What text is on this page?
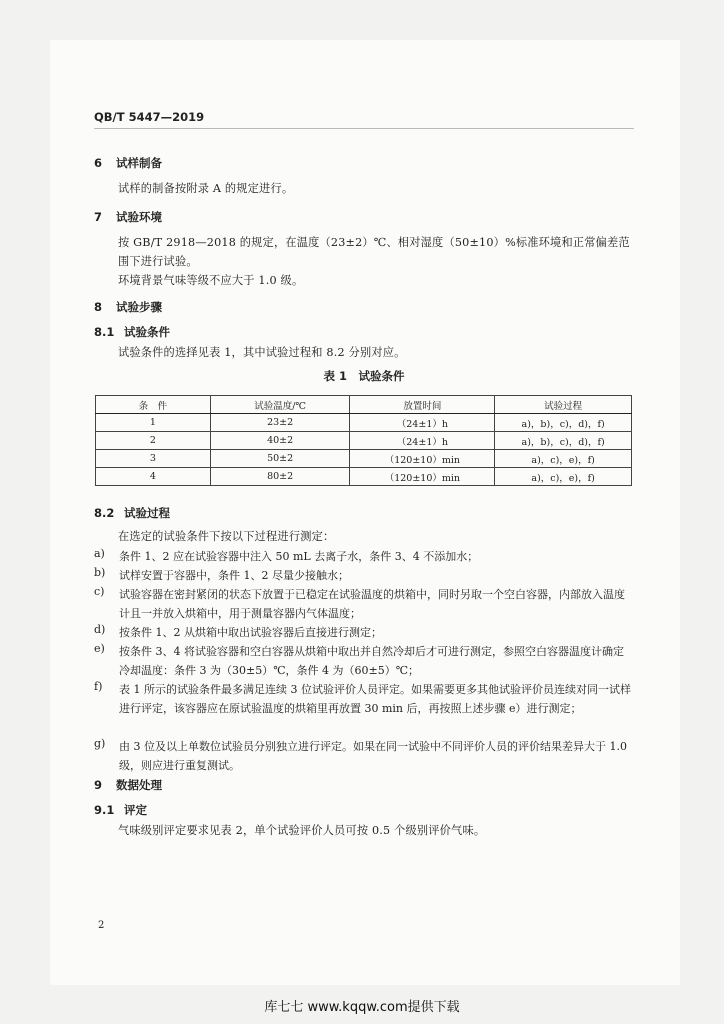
QB/T 5447—2019
6 试样制备
试样的制备按附录 A 的规定进行。
7 试验环境
按 GB/T 2918—2018 的规定，在温度（23±2）℃、相对湿度（50±10）%标准环境和正常偏差范
围下进行试验。
环境背景气味等级不应大于 1.0 级。
8 试验步骤
8.1 试验条件
试验条件的选择见表 1，其中试验过程和 8.2 分别对应。
表 1　试验条件
条　件	试验温度/℃	放置时间	试验过程
1	23±2	（24±1）h	a)，b)，c)，d)，f)
2	40±2	（24±1）h	a)，b)，c)，d)，f)
3	50±2	（120±10）min	a)，c)，e)，f)
4	80±2	（120±10）min	a)，c)，e)，f)
8.2 试验过程
在选定的试验条件下按以下过程进行测定：
a) 条件 1、2 应在试验容器中注入 50 mL 去离子水，条件 3、4 不添加水；
b) 试样安置于容器中，条件 1、2 尽量少接触水；
c) 试验容器在密封紧闭的状态下放置于已稳定在试验温度的烘箱中，同时另取一个空白容器，内部放入温度计且一并放入烘箱中，用于测量容器内气体温度；
d) 按条件 1、2 从烘箱中取出试验容器后直接进行测定；
e) 按条件 3、4 将试验容器和空白容器从烘箱中取出并自然冷却后才可进行测定，参照空白容器温度计确定冷却温度：条件 3 为（30±5）℃，条件 4 为（60±5）℃；
f) 表 1 所示的试验条件最多满足连续 3 位试验评价人员评定。如果需要更多其他试验评价员连续对同一试样进行评定，该容器应在原试验温度的烘箱里再放置 30 min 后，再按照上述步骤 e）进行测定；
g) 由 3 位及以上单数位试验员分别独立进行评定。如果在同一试验中不同评价人员的评价结果差异大于 1.0 级，则应进行重复测试。
9 数据处理
9.1 评定
气味级别评定要求见表 2，单个试验评价人员可按 0.5 个级别评价气味。
2
库七七 www.kqqw.com提供下载
